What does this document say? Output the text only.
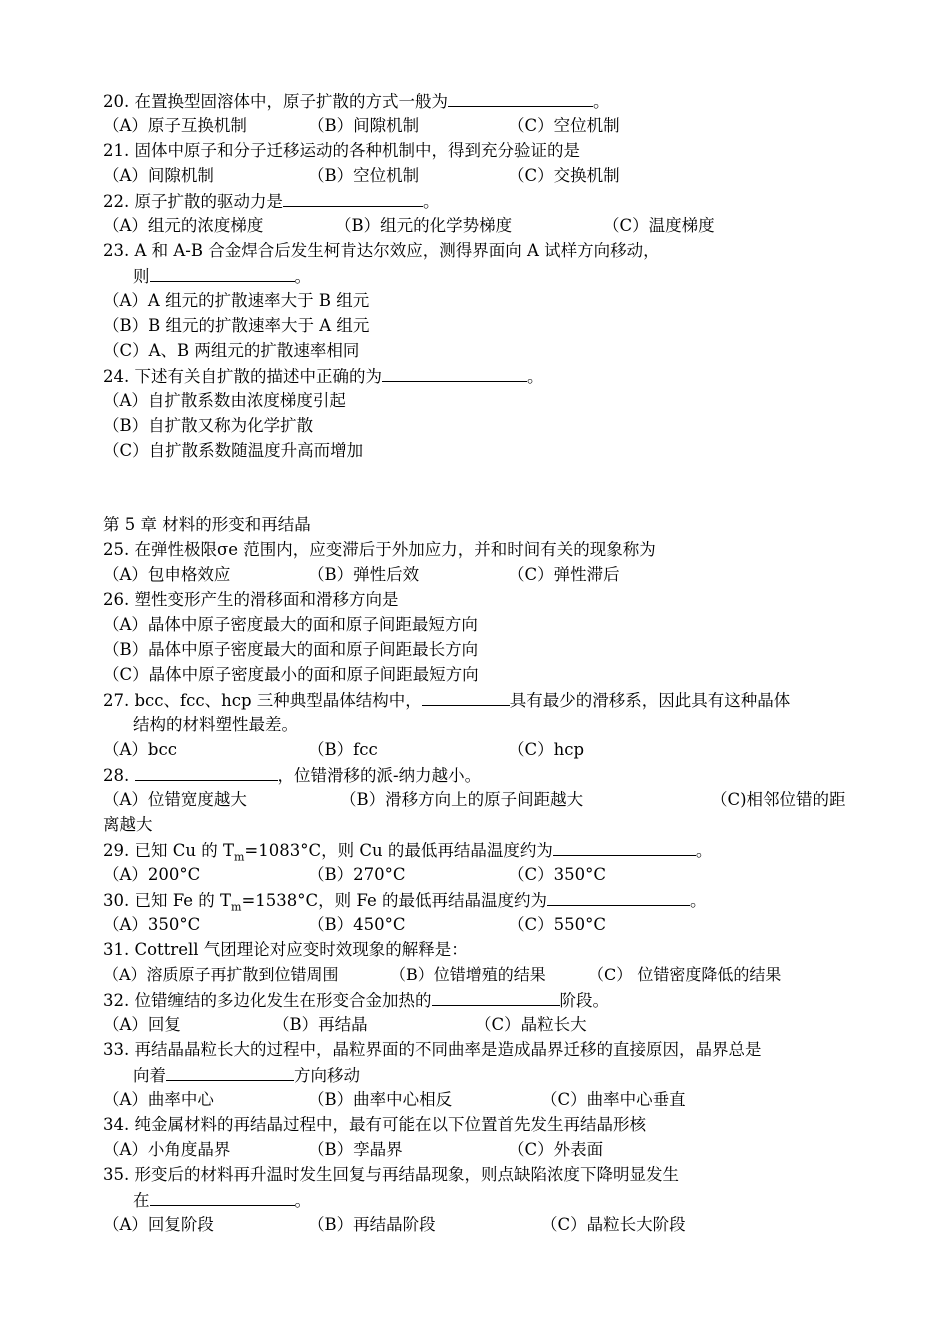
20. 在置换型固溶体中，原子扩散的方式一般为	。
（A）原子互换机制	（B）间隙机制	（C）空位机制
21. 固体中原子和分子迁移运动的各种机制中，得到充分验证的是
（A）间隙机制	（B）空位机制	（C）交换机制
22. 原子扩散的驱动力是	。
（A）组元的浓度梯度	（B）组元的化学势梯度	（C）温度梯度
23. A 和 A-B 合金焊合后发生柯肯达尔效应，测得界面向 A 试样方向移动，
则	。
（A）A 组元的扩散速率大于 B 组元
（B）B 组元的扩散速率大于 A 组元
（C）A、B 两组元的扩散速率相同
24. 下述有关自扩散的描述中正确的为	。
（A）自扩散系数由浓度梯度引起
（B）自扩散又称为化学扩散
（C）自扩散系数随温度升高而增加
第 5 章 材料的形变和再结晶
25. 在弹性极限σe 范围内，应变滞后于外加应力，并和时间有关的现象称为
（A）包申格效应	（B）弹性后效	（C）弹性滞后
26. 塑性变形产生的滑移面和滑移方向是
（A）晶体中原子密度最大的面和原子间距最短方向
（B）晶体中原子密度最大的面和原子间距最长方向
（C）晶体中原子密度最小的面和原子间距最短方向
27. bcc、fcc、hcp 三种典型晶体结构中，	具有最少的滑移系，因此具有这种晶体
结构的材料塑性最差。
（A）bcc	（B）fcc	（C）hcp
28.	，位错滑移的派-纳力越小。
（A）位错宽度越大	（B）滑移方向上的原子间距越大	（C)相邻位错的距
离越大
29. 已知 Cu 的 $T_m=1083^\circ C$，则 Cu 的最低再结晶温度约为	。
（A）200°C	（B）270°C	（C）350°C
30. 已知 Fe 的 $T_m=1538^\circ C$，则 Fe 的最低再结晶温度约为	。
（A）350°C	（B）450°C	（C）550°C
31. Cottrell 气团理论对应变时效现象的解释是：
（A）溶质原子再扩散到位错周围	（B）位错增殖的结果	（C） 位错密度降低的结果
32. 位错缠结的多边化发生在形变合金加热的	阶段。
（A）回复	（B）再结晶	（C）晶粒长大
33. 再结晶晶粒长大的过程中，晶粒界面的不同曲率是造成晶界迁移的直接原因，晶界总是
向着	方向移动
（A）曲率中心	（B）曲率中心相反	（C）曲率中心垂直
34. 纯金属材料的再结晶过程中，最有可能在以下位置首先发生再结晶形核
（A）小角度晶界	（B）孪晶界	（C）外表面
35. 形变后的材料再升温时发生回复与再结晶现象，则点缺陷浓度下降明显发生
在	。
（A）回复阶段	（B）再结晶阶段	（C）晶粒长大阶段
